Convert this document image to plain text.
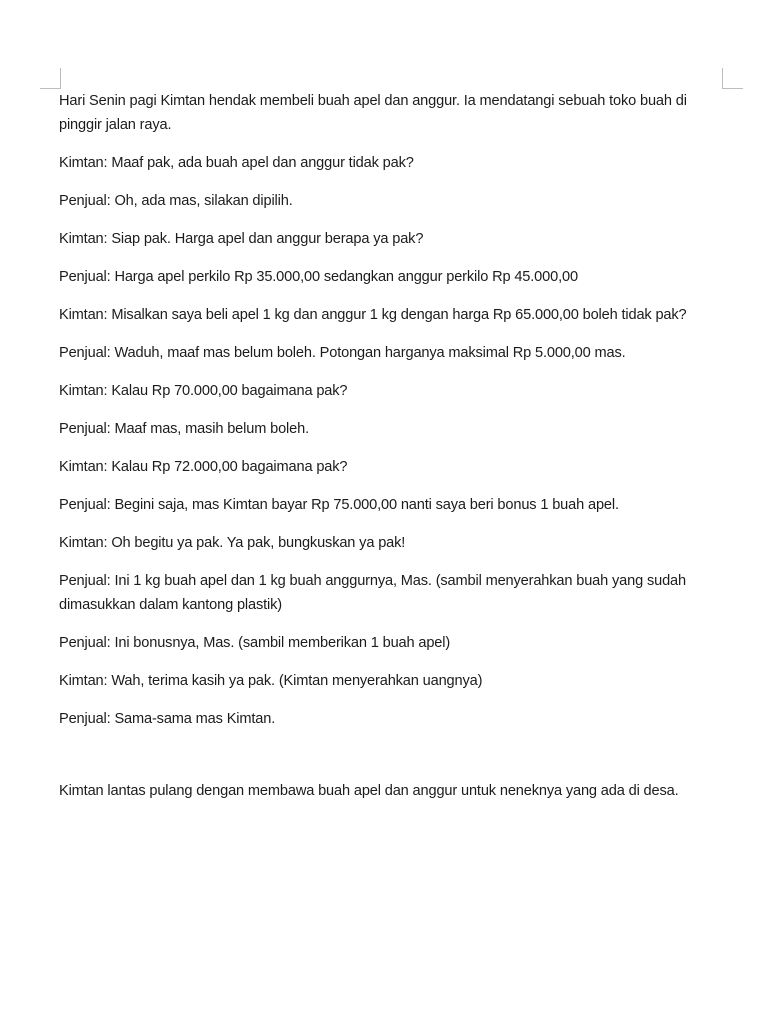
Hari Senin pagi Kimtan hendak membeli buah apel dan anggur. Ia mendatangi sebuah toko buah di pinggir jalan raya.

Kimtan: Maaf pak, ada buah apel dan anggur tidak pak?

Penjual: Oh, ada mas, silakan dipilih.

Kimtan: Siap pak. Harga apel dan anggur berapa ya pak?

Penjual: Harga apel perkilo Rp 35.000,00 sedangkan anggur perkilo Rp 45.000,00

Kimtan: Misalkan saya beli apel 1 kg dan anggur 1 kg dengan harga Rp 65.000,00 boleh tidak pak?

Penjual: Waduh, maaf mas belum boleh. Potongan harganya maksimal Rp 5.000,00 mas.

Kimtan: Kalau Rp 70.000,00 bagaimana pak?

Penjual: Maaf mas, masih belum boleh.

Kimtan: Kalau Rp 72.000,00 bagaimana pak?

Penjual: Begini saja, mas Kimtan bayar Rp 75.000,00 nanti saya beri bonus 1 buah apel.

Kimtan: Oh begitu ya pak. Ya pak, bungkuskan ya pak!

Penjual: Ini 1 kg buah apel dan 1 kg buah anggurnya, Mas. (sambil menyerahkan buah yang sudah dimasukkan dalam kantong plastik)

Penjual: Ini bonusnya, Mas. (sambil memberikan 1 buah apel)

Kimtan: Wah, terima kasih ya pak. (Kimtan menyerahkan uangnya)

Penjual: Sama-sama mas Kimtan.

Kimtan lantas pulang dengan membawa buah apel dan anggur untuk neneknya yang ada di desa.
